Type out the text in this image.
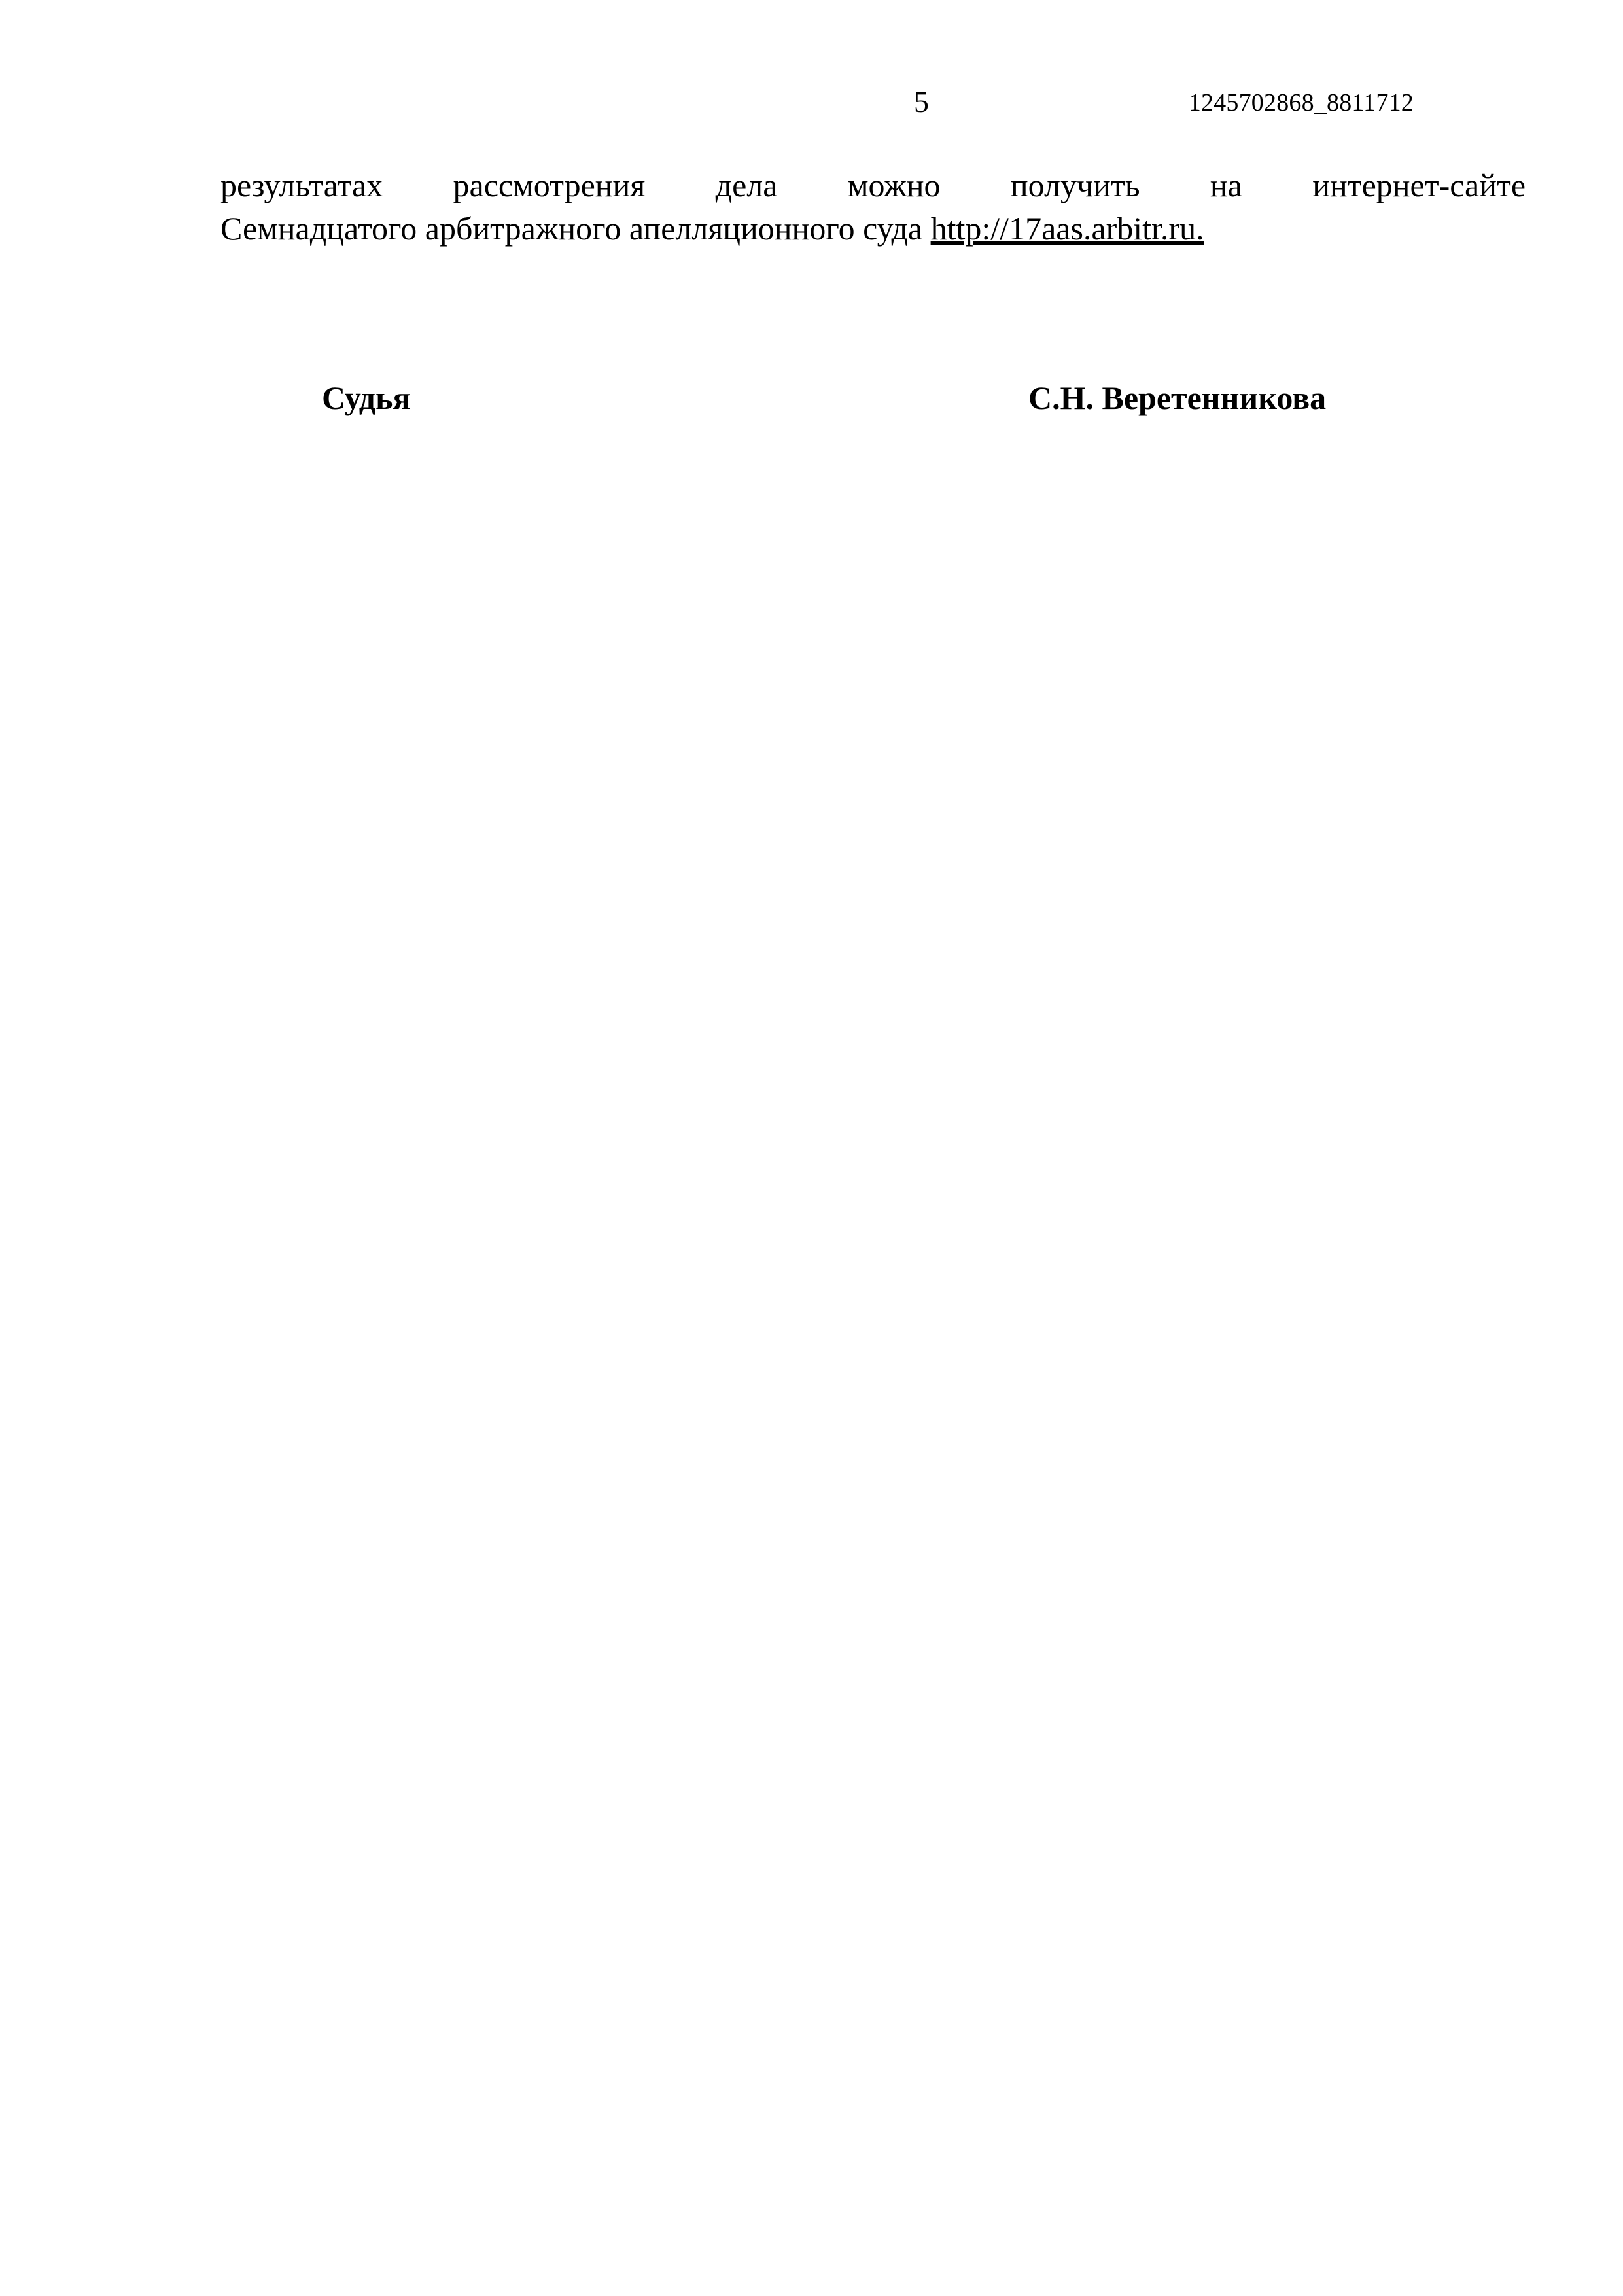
5	1245702868_8811712
результатах рассмотрения дела можно получить на интернет-сайте
Семнадцатого арбитражного апелляционного суда http://17aas.arbitr.ru.
Судья	С.Н. Веретенникова
